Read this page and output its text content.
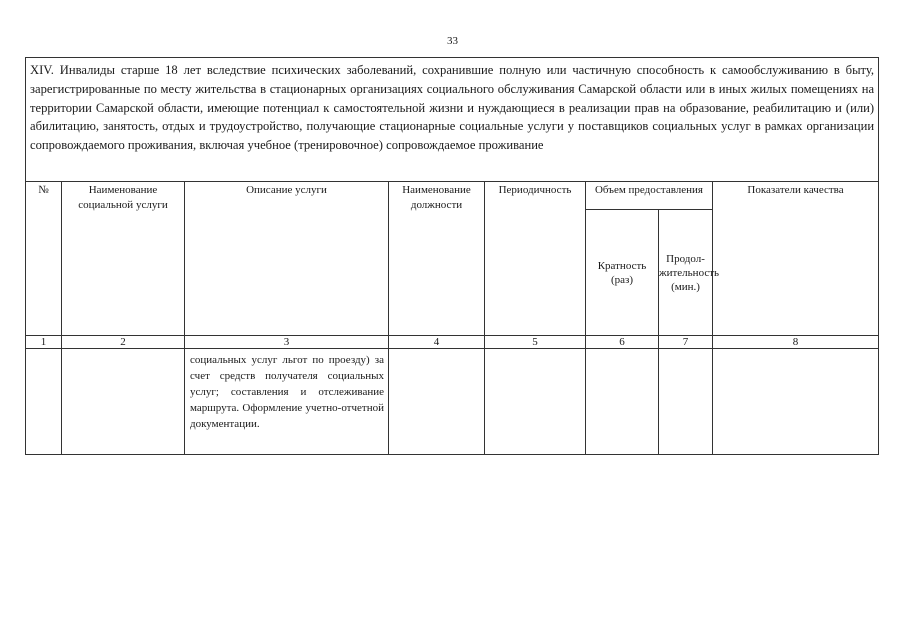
33
XIV. Инвалиды старше 18 лет вследствие психических заболеваний, сохранившие полную или частичную способность к самообслуживанию в быту, зарегистрированные по месту жительства в стационарных организациях социального обслуживания Самарской области или в иных жилых помещениях на территории Самарской области, имеющие потенциал к самостоятельной жизни и нуждающиеся в реализации прав на образование, реабилитацию и (или) абилитацию, занятость, отдых и трудоустройство, получающие стационарные социальные услуги у поставщиков социальных услуг в рамках организации сопровождаемого проживания, включая учебное (тренировочное) сопровождаемое проживание							
№	Наименование социальной услуги	Описание услуги	Наименование должности	Периодичность	Объем предоставления		Показатели качества
					Кратность (раз)	Продол-жительность (мин.)	
1	2	3	4	5	6	7	8
		социальных услуг льгот по проезду) за счет средств получателя социальных услуг; составления и отслеживание маршрута. Оформление учетно-отчетной документации.					
